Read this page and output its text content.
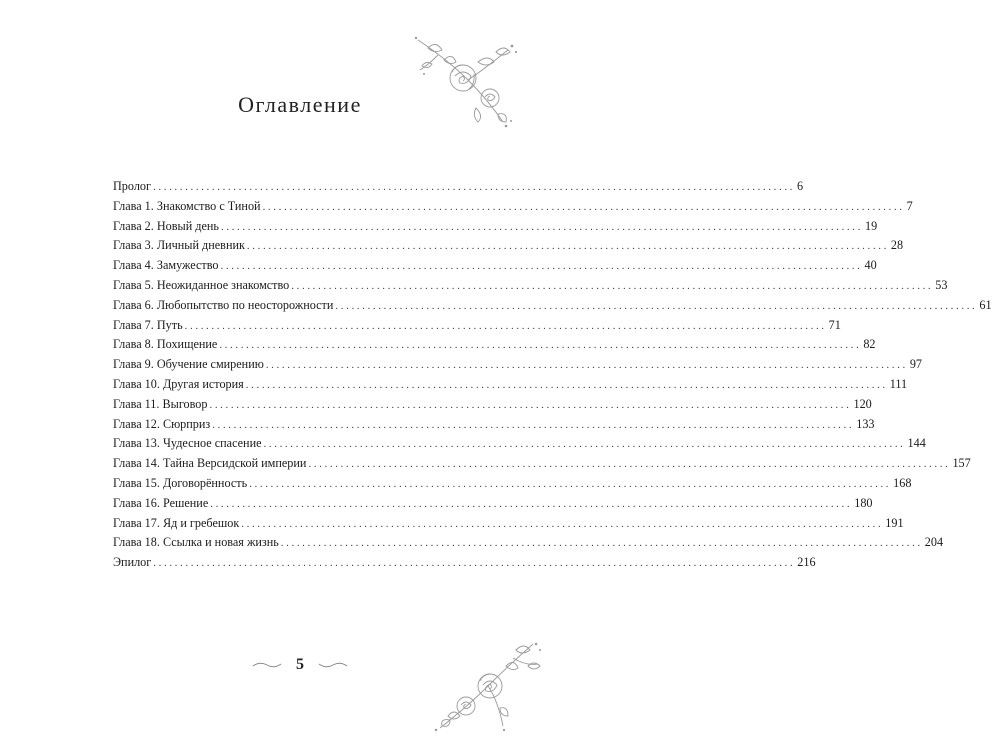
Оглавление
Пролог ........................................................................................................................ 6
Глава 1. Знакомство с Тиной ........................................................................................................................ 7
Глава 2. Новый день ........................................................................................................................ 19
Глава 3. Личный дневник ........................................................................................................................ 28
Глава 4. Замужество ........................................................................................................................ 40
Глава 5. Неожиданное знакомство ........................................................................................................................ 53
Глава 6. Любопытство по неосторожности ........................................................................................................................ 61
Глава 7. Путь ........................................................................................................................ 71
Глава 8. Похищение ........................................................................................................................ 82
Глава 9. Обучение смирению ........................................................................................................................ 97
Глава 10. Другая история ........................................................................................................................ 111
Глава 11. Выговор ........................................................................................................................ 120
Глава 12. Сюрприз ........................................................................................................................ 133
Глава 13. Чудесное спасение ........................................................................................................................ 144
Глава 14. Тайна Версидской империи ........................................................................................................................ 157
Глава 15. Договорённость ........................................................................................................................ 168
Глава 16. Решение ........................................................................................................................ 180
Глава 17. Яд и гребешок ........................................................................................................................ 191
Глава 18. Ссылка и новая жизнь ........................................................................................................................ 204
Эпилог ........................................................................................................................ 216
5
